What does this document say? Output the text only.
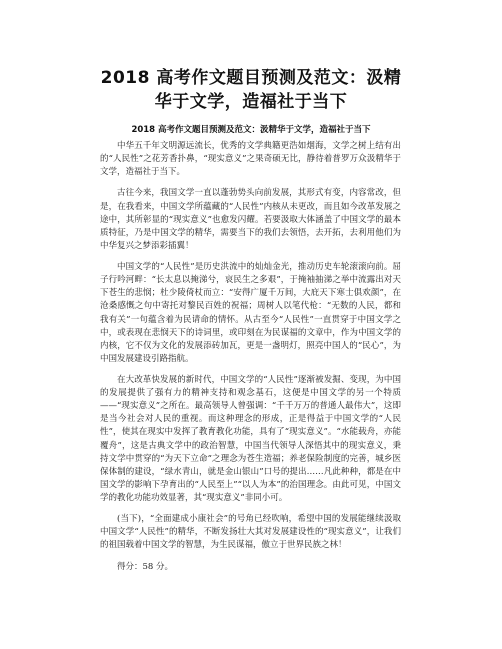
2018 高考作文题目预测及范文：汲精
华于文学，造福社于当下
2018 高考作文题目预测及范文：汲精华于文学，造福社于当下

中华五千年文明源远流长，优秀的文学典籍更浩如烟海，文学之树上结有出的“人民性”之花芳香扑鼻，“现实意义”之果奇硕无比，静待着普罗万众汲精华于文学，造福社于当下。

古往今来，我国文学一直以蓬勃势头向前发展，其形式有变，内容常改，但是，在我看来，中国文学所蕴藏的“人民性”内核从未更改，而且如今改革发展之途中，其所彰显的“现实意义”也愈发闪耀。若要汲取大体涵盖了中国文学的最本质特征，乃是中国文学的精华，需要当下的我们去领悟，去开拓，去利用他们为中华复兴之梦添彩插翼！

中国文学的“人民性”是历史洪流中的灿灿金光，推动历史车轮滚滚向前。屈子行吟河畔：“长太息以掩涕兮，哀民生之多艰”，于掩袖抽涕之举中流露出对天下苍生的悲悯；杜少陵倚杖而立：“安得广厦千万间，大庇天下寒士俱欢颜”，在沧桑感慨之句中寄托对黎民百姓的祝福；周树人以笔代枪：“无数的人民，都和我有关”一句蕴含着为民请命的情怀。从古至今“人民性”一直贯穿于中国文学之中，或表现在悲悯天下的诗词里，或印刻在为民谋福的文章中，作为中国文学的内核，它不仅为文化的发展添砖加瓦，更是一盏明灯，照亮中国人的“民心”，为中国发展建设引路指航。

在大改革快发展的新时代，中国文学的“人民性”逐渐被发掘、变现，为中国的发展提供了强有力的精神支持和观念基石，这便是中国文学的另一个特质——“现实意义”之所在。最高领导人曾强调：“千千万万的普通人最伟大”，这即是当今社会对人民的重视。而这种理念的形成，正是得益于中国文学的“人民性”，使其在现实中发挥了教育教化功能，具有了“现实意义”。“水能载舟，亦能覆舟”，这是古典文学中的政治智慧，中国当代领导人深悟其中的现实意义，秉持文学中贯穿的“为天下立命”之理念为苍生造福；养老保险制度的完善，城乡医保体制的建设，“绿水青山，就是金山银山”口号的提出……凡此种种，都是在中国文学的影响下孕育出的“人民至上”“以人为本”的治国理念。由此可见，中国文学的教化功能功效显著，其“现实意义”非同小可。

(当下)，“全面建成小康社会”的号角已经吹响，希望中国的发展能继续汲取中国文学“人民性”的精华，不断发扬壮大其对发展建设性的“现实意义”，让我们的祖国载着中国文学的智慧，为生民谋福，傲立于世界民族之林！

得分：58 分。
